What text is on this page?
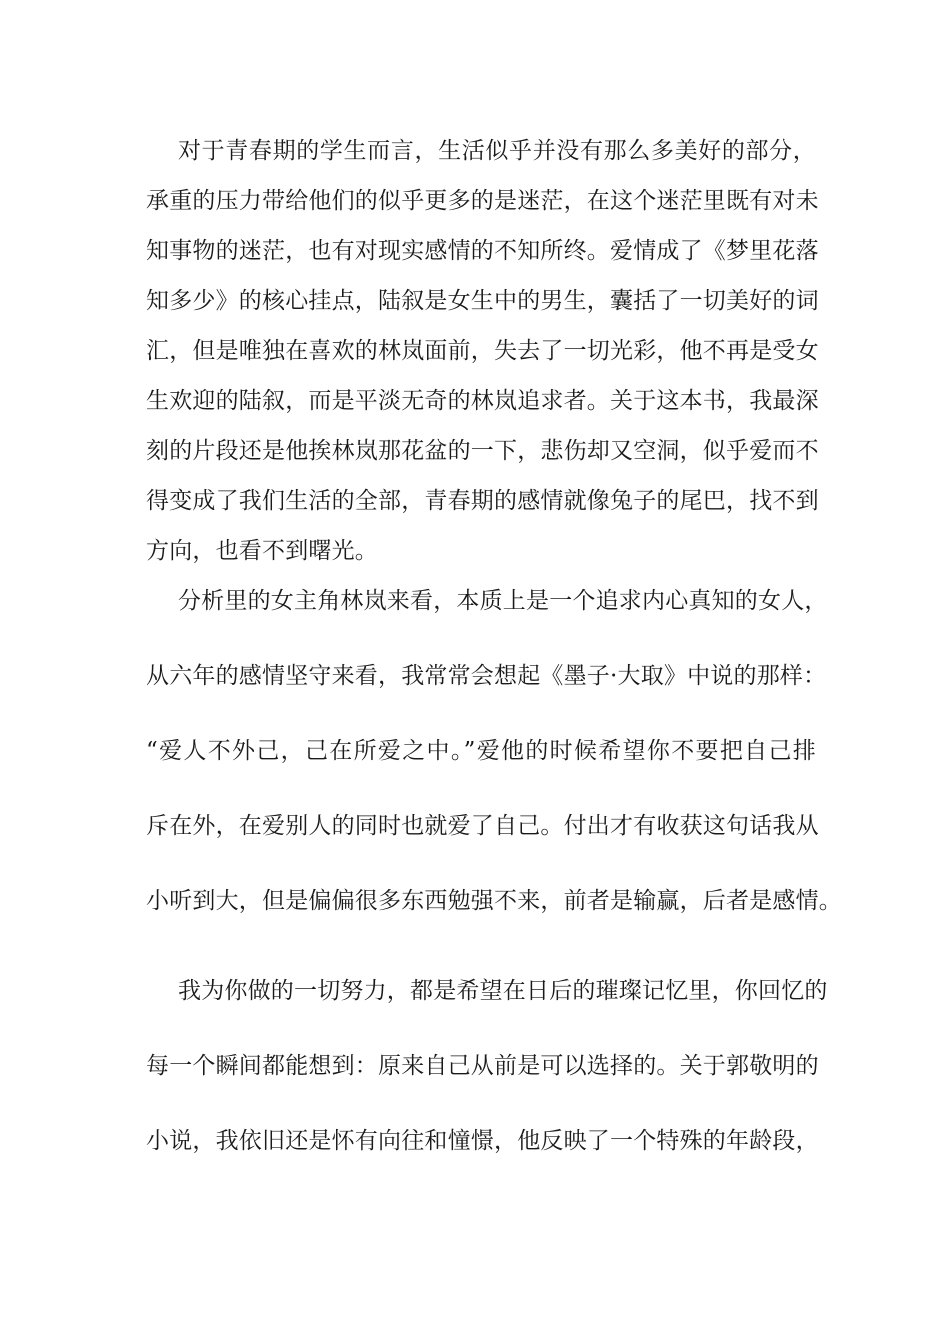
对于青春期的学生而言，生活似乎并没有那么多美好的部分，
承重的压力带给他们的似乎更多的是迷茫，在这个迷茫里既有对未
知事物的迷茫，也有对现实感情的不知所终。爱情成了《梦里花落
知多少》的核心挂点，陆叙是女生中的男生，囊括了一切美好的词
汇，但是唯独在喜欢的林岚面前，失去了一切光彩，他不再是受女
生欢迎的陆叙，而是平淡无奇的林岚追求者。关于这本书，我最深
刻的片段还是他挨林岚那花盆的一下，悲伤却又空洞，似乎爱而不
得变成了我们生活的全部，青春期的感情就像兔子的尾巴，找不到
方向，也看不到曙光。
分析里的女主角林岚来看，本质上是一个追求内心真知的女人，
从六年的感情坚守来看，我常常会想起《墨子·大取》中说的那样：
“爱人不外己，己在所爱之中。”爱他的时候希望你不要把自己排
斥在外，在爱别人的同时也就爱了自己。付出才有收获这句话我从
小听到大，但是偏偏很多东西勉强不来，前者是输赢，后者是感情。
我为你做的一切努力，都是希望在日后的璀璨记忆里，你回忆的
每一个瞬间都能想到：原来自己从前是可以选择的。关于郭敬明的
小说，我依旧还是怀有向往和憧憬，他反映了一个特殊的年龄段，
